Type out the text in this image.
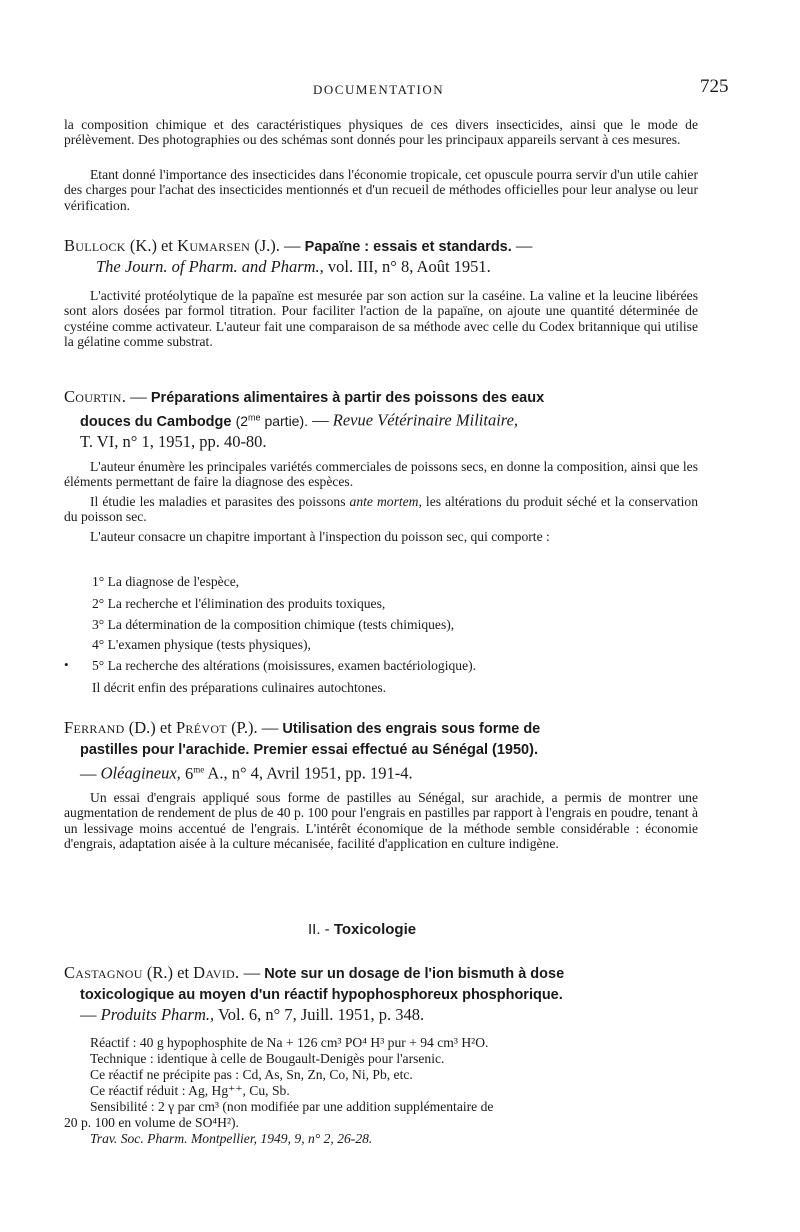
DOCUMENTATION	725
la composition chimique et des caractéristiques physiques de ces divers insecticides, ainsi que le mode de prélèvement. Des photographies ou des schémas sont donnés pour les principaux appareils servant à ces mesures.
Etant donné l'importance des insecticides dans l'économie tropicale, cet opuscule pourra servir d'un utile cahier des charges pour l'achat des insecticides mentionnés et d'un recueil de méthodes officielles pour leur analyse ou leur vérification.
Bullock (K.) et Kumarsen (J.). — Papaïne : essais et standards. —
The Journ. of Pharm. and Pharm., vol. III, n° 8, Août 1951.
L'activité protéolytique de la papaïne est mesurée par son action sur la caséine. La valine et la leucine libérées sont alors dosées par formol titration. Pour faciliter l'action de la papaïne, on ajoute une quantité déterminée de cystéine comme activateur. L'auteur fait une comparaison de sa méthode avec celle du Codex britannique qui utilise la gélatine comme substrat.
Courtin. — Préparations alimentaires à partir des poissons des eaux
douces du Cambodge ($2^{me}$ partie). — Revue Vétérinaire Militaire,
T. VI, n° 1, 1951, pp. 40-80.
L'auteur énumère les principales variétés commerciales de poissons secs, en donne la composition, ainsi que les éléments permettant de faire la diagnose des espèces.
Il étudie les maladies et parasites des poissons ante mortem, les altérations du produit séché et la conservation du poisson sec.
L'auteur consacre un chapitre important à l'inspection du poisson sec, qui comporte :
1° La diagnose de l'espèce,
2° La recherche et l'élimination des produits toxiques,
3° La détermination de la composition chimique (tests chimiques),
4° L'examen physique (tests physiques),
5° La recherche des altérations (moisissures, examen bactériologique).
•
Il décrit enfin des préparations culinaires autochtones.
Ferrand (D.) et Prévot (P.). — Utilisation des engrais sous forme de
pastilles pour l'arachide. Premier essai effectué au Sénégal (1950).
— Oléagineux, $6^{me}$ A., n° 4, Avril 1951, pp. 191-4.
Un essai d'engrais appliqué sous forme de pastilles au Sénégal, sur arachide, a permis de montrer une augmentation de rendement de plus de 40 p. 100 pour l'engrais en pastilles par rapport à l'engrais en poudre, tenant à un lessivage moins accentué de l'engrais. L'intérêt économique de la méthode semble considérable : économie d'engrais, adaptation aisée à la culture mécanisée, facilité d'application en culture indigène.
II. - Toxicologie
Castagnou (R.) et David. — Note sur un dosage de l'ion bismuth à dose
toxicologique au moyen d'un réactif hypophosphoreux phosphorique.
— Produits Pharm., Vol. 6, n° 7, Juill. 1951, p. 348.
Réactif : 40 g hypophosphite de Na + 126 cm³ PO⁴ H³ pur + 94 cm³ H²O.
Technique : identique à celle de Bougault-Denigès pour l'arsenic.
Ce réactif ne précipite pas : Cd, As, Sn, Zn, Co, Ni, Pb, etc.
Ce réactif réduit : Ag, Hg⁺⁺, Cu, Sb.
Sensibilité : 2 γ par cm³ (non modifiée par une addition supplémentaire de
20 p. 100 en volume de SO⁴H²).
Trav. Soc. Pharm. Montpellier, 1949, 9, n° 2, 26-28.
